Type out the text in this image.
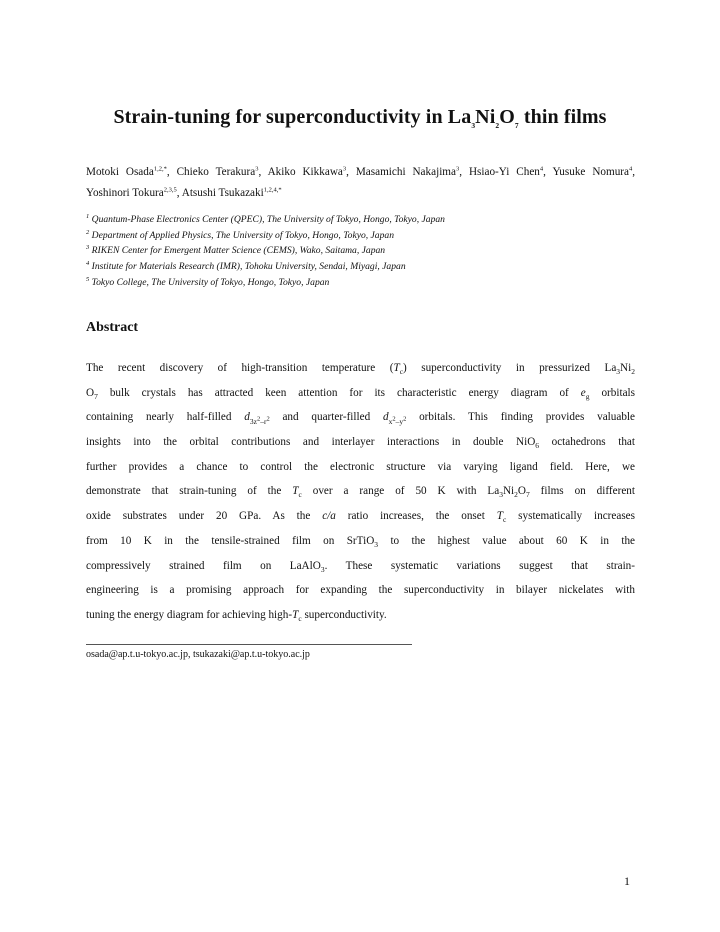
Strain-tuning for superconductivity in $La_3Ni_2O_7$ thin films
Motoki Osada$^{1,2,*}$, Chieko Terakura$^3$, Akiko Kikkawa$^3$, Masamichi Nakajima$^3$, Hsiao-Yi Chen$^4$, Yusuke Nomura$^4$, Yoshinori Tokura$^{2,3,5}$, Atsushi Tsukazaki$^{1,2,4,*}$
$^1$ Quantum-Phase Electronics Center (QPEC), The University of Tokyo, Hongo, Tokyo, Japan
$^2$ Department of Applied Physics, The University of Tokyo, Hongo, Tokyo, Japan
$^3$ RIKEN Center for Emergent Matter Science (CEMS), Wako, Saitama, Japan
$^4$ Institute for Materials Research (IMR), Tohoku University, Sendai, Miyagi, Japan
$^5$ Tokyo College, The University of Tokyo, Hongo, Tokyo, Japan
Abstract
The recent discovery of high-transition temperature $(T_c)$ superconductivity in pressurized $La_3Ni_2$
$O_7$ bulk crystals has attracted keen attention for its characteristic energy diagram of $e_g$ orbitals
containing nearly half-filled $d_{3z^2-r^2}$ and quarter-filled $d_{x^2-y^2}$ orbitals. This finding provides valuable
insights into the orbital contributions and interlayer interactions in double NiO$_6$ octahedrons that
further provides a chance to control the electronic structure via varying ligand field. Here, we
demonstrate that strain-tuning of the $T_c$ over a range of 50 K with $La_3Ni_2O_7$ films on different
oxide substrates under 20 GPa. As the c/a ratio increases, the onset $T_c$ systematically increases
from 10 K in the tensile-strained film on SrTiO$_3$ to the highest value about 60 K in the
compressively strained film on LaAlO$_3$. These systematic variations suggest that strain-
engineering is a promising approach for expanding the superconductivity in bilayer nickelates with
tuning the energy diagram for achieving high-$T_c$ superconductivity.
osada@ap.t.u-tokyo.ac.jp, tsukazaki@ap.t.u-tokyo.ac.jp
1
